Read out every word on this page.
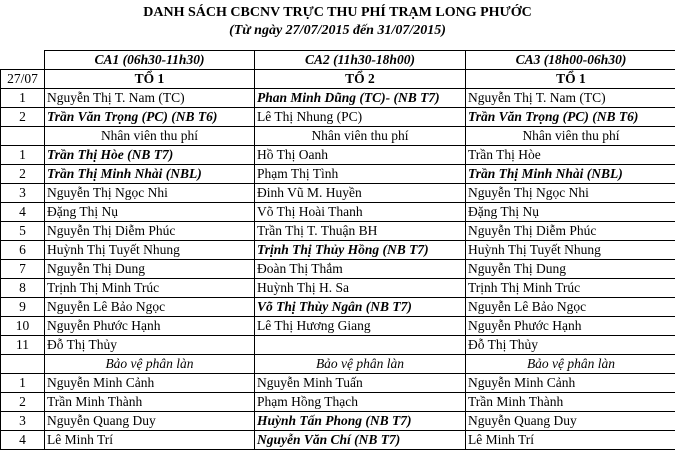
DANH SÁCH CBCNV TRỰC THU PHÍ TRẠM LONG PHƯỚC
(Từ ngày 27/07/2015 đến 31/07/2015)
	CA1 (06h30-11h30)	CA2 (11h30-18h00)	CA3 (18h00-06h30)
27/07	TỔ 1	TỔ 2	TỔ 1
1	Nguyễn Thị T. Nam (TC)	Phan Minh Dũng (TC)- (NB T7)	Nguyễn Thị T. Nam (TC)
2	Trần Văn Trọng (PC) (NB T6)	Lê Thị Nhung (PC)	Trần Văn Trọng (PC) (NB T6)
	Nhân viên thu phí	Nhân viên thu phí	Nhân viên thu phí
1	Trần Thị Hòe (NB T7)	Hồ Thị Oanh	Trần Thị Hòe
2	Trần Thị Minh Nhài (NBL)	Phạm Thị Tình	Trần Thị Minh Nhài (NBL)
3	Nguyễn Thị Ngọc Nhi	Đinh Vũ M. Huyền	Nguyễn Thị Ngọc Nhi
4	Đặng Thị Nụ	Võ Thị Hoài Thanh	Đặng Thị Nụ
5	Nguyễn Thị Diễm Phúc	Trần Thị T. Thuận BH	Nguyễn Thị Diễm Phúc
6	Huỳnh Thị Tuyết Nhung	Trịnh Thị Thủy Hồng (NB T7)	Huỳnh Thị Tuyết Nhung
7	Nguyễn Thị Dung	Đoàn Thị Thắm	Nguyễn Thị Dung
8	Trịnh Thị Minh Trúc	Huỳnh Thị H. Sa	Trịnh Thị Minh Trúc
9	Nguyễn Lê Bảo Ngọc	Võ Thị Thùy Ngân (NB T7)	Nguyễn Lê Bảo Ngọc
10	Nguyễn Phước Hạnh	Lê Thị Hương Giang	Nguyễn Phước Hạnh
11	Đỗ Thị Thủy		Đỗ Thị Thủy
	Bảo vệ phân làn	Bảo vệ phân làn	Bảo vệ phân làn
1	Nguyễn Minh Cảnh	Nguyễn Minh Tuấn	Nguyễn Minh Cảnh
2	Trần Minh Thành	Phạm Hồng Thạch	Trần Minh Thành
3	Nguyễn Quang Duy	Huỳnh Tấn Phong (NB T7)	Nguyễn Quang Duy
4	Lê Minh Trí	Nguyễn Văn Chí (NB T7)	Lê Minh Trí
